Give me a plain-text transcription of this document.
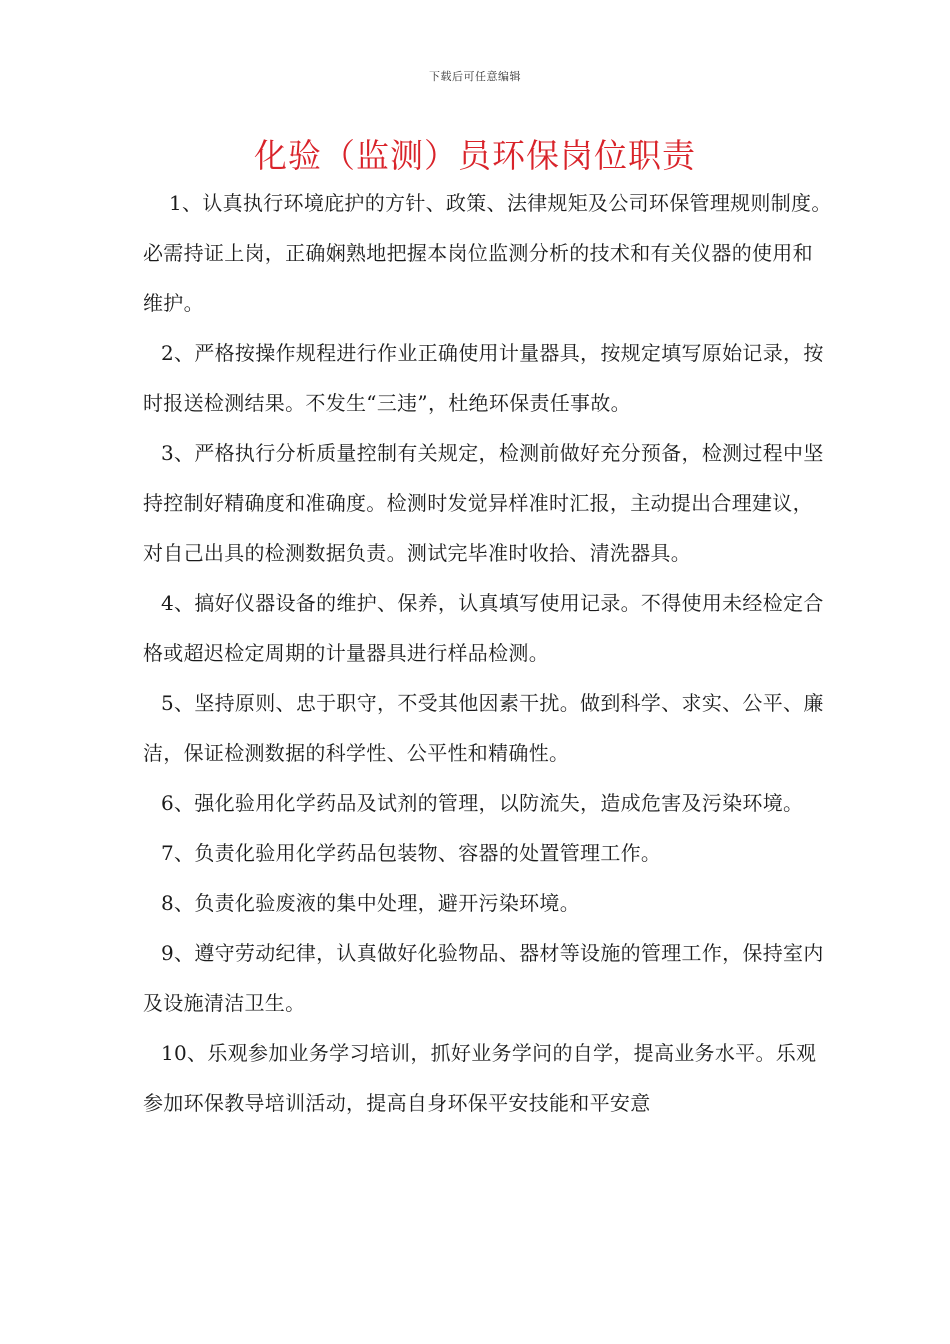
下载后可任意编辑
化验（监测）员环保岗位职责

1、认真执行环境庇护的方针、政策、法律规矩及公司环保管理规则制度。必需持证上岗，正确娴熟地把握本岗位监测分析的技术和有关仪器的使用和维护。

2、严格按操作规程进行作业正确使用计量器具，按规定填写原始记录，按时报送检测结果。不发生“三违”，杜绝环保责任事故。

3、严格执行分析质量控制有关规定，检测前做好充分预备，检测过程中坚持控制好精确度和准确度。检测时发觉异样准时汇报，主动提出合理建议，对自己出具的检测数据负责。测试完毕准时收拾、清洗器具。

4、搞好仪器设备的维护、保养，认真填写使用记录。不得使用未经检定合格或超迟检定周期的计量器具进行样品检测。

5、坚持原则、忠于职守，不受其他因素干扰。做到科学、求实、公平、廉洁，保证检测数据的科学性、公平性和精确性。

6、强化验用化学药品及试剂的管理，以防流失，造成危害及污染环境。

7、负责化验用化学药品包装物、容器的处置管理工作。

8、负责化验废液的集中处理，避开污染环境。

9、遵守劳动纪律，认真做好化验物品、器材等设施的管理工作，保持室内及设施清洁卫生。

10、乐观参加业务学习培训，抓好业务学问的自学，提高业务水平。乐观参加环保教导培训活动，提高自身环保平安技能和平安意
